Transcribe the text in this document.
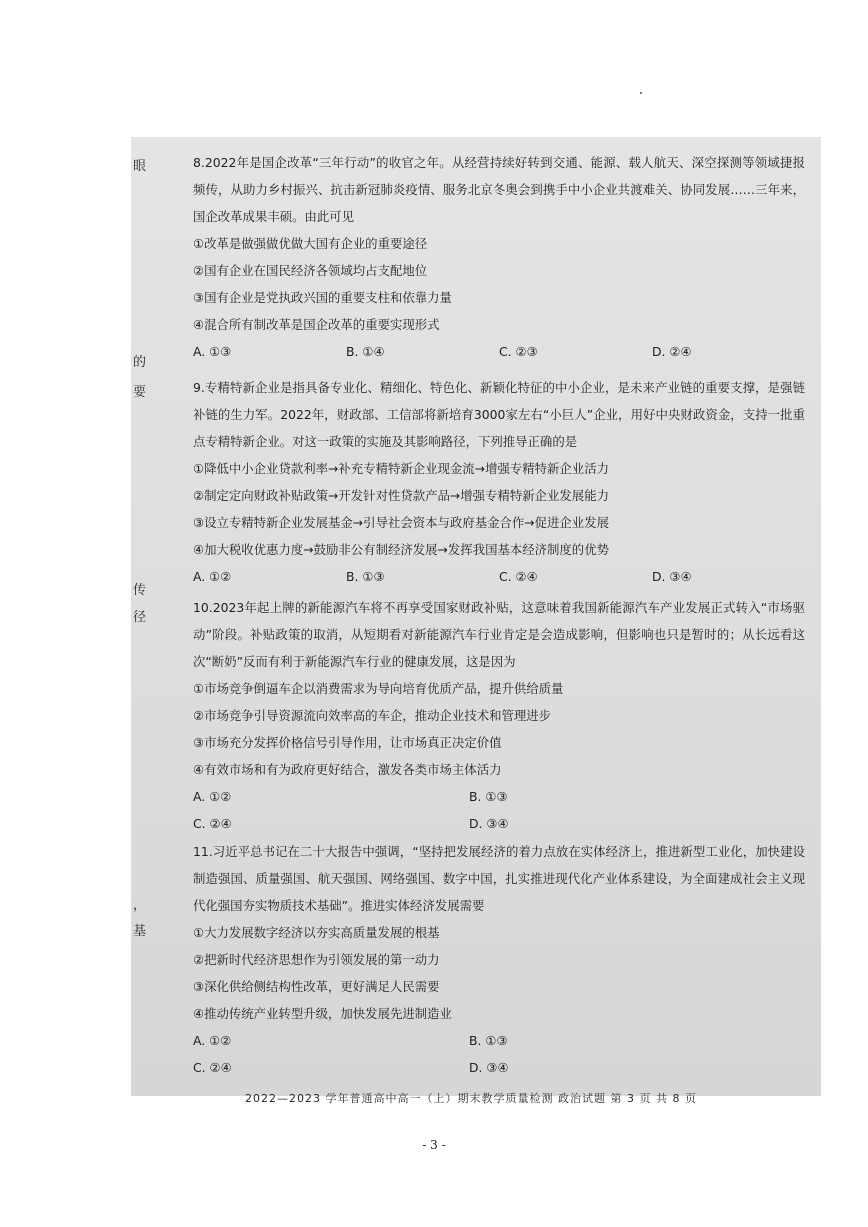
眼
的
要
传
径
，
基

8.2022年是国企改革“三年行动”的收官之年。从经营持续好转到交通、能源、载人航天、深空探测等领域捷报频传，从助力乡村振兴、抗击新冠肺炎疫情、服务北京冬奥会到携手中小企业共渡难关、协同发展……三年来，国企改革成果丰硕。由此可见

①改革是做强做优做大国有企业的重要途径

②国有企业在国民经济各领域均占支配地位

③国有企业是党执政兴国的重要支柱和依靠力量

④混合所有制改革是国企改革的重要实现形式

A. ①③	B. ①④	C. ②③	D. ②④

9.专精特新企业是指具备专业化、精细化、特色化、新颖化特征的中小企业，是未来产业链的重要支撑，是强链补链的生力军。2022年，财政部、工信部将新培育3000家左右“小巨人”企业，用好中央财政资金，支持一批重点专精特新企业。对这一政策的实施及其影响路径，下列推导正确的是

①降低中小企业贷款利率→补充专精特新企业现金流→增强专精特新企业活力

②制定定向财政补贴政策→开发针对性贷款产品→增强专精特新企业发展能力

③设立专精特新企业发展基金→引导社会资本与政府基金合作→促进企业发展

④加大税收优惠力度→鼓励非公有制经济发展→发挥我国基本经济制度的优势

A. ①②	B. ①③	C. ②④	D. ③④

10.2023年起上牌的新能源汽车将不再享受国家财政补贴，这意味着我国新能源汽车产业发展正式转入“市场驱动”阶段。补贴政策的取消，从短期看对新能源汽车行业肯定是会造成影响，但影响也只是暂时的；从长远看这次“断奶”反而有利于新能源汽车行业的健康发展，这是因为

①市场竞争倒逼车企以消费需求为导向培育优质产品，提升供给质量

②市场竞争引导资源流向效率高的车企，推动企业技术和管理进步

③市场充分发挥价格信号引导作用，让市场真正决定价值

④有效市场和有为政府更好结合，激发各类市场主体活力

A. ①②	B. ①③
C. ②④	D. ③④

11.习近平总书记在二十大报告中强调，“坚持把发展经济的着力点放在实体经济上，推进新型工业化，加快建设制造强国、质量强国、航天强国、网络强国、数字中国，扎实推进现代化产业体系建设，为全面建成社会主义现代化强国夯实物质技术基础”。推进实体经济发展需要

①大力发展数字经济以夯实高质量发展的根基

②把新时代经济思想作为引领发展的第一动力

③深化供给侧结构性改革，更好满足人民需要

④推动传统产业转型升级，加快发展先进制造业

A. ①②	B. ①③
C. ②④	D. ③④
2022—2023 学年普通高中高一（上）期末教学质量检测 政治试题 第 3 页 共 8 页
- 3 -
